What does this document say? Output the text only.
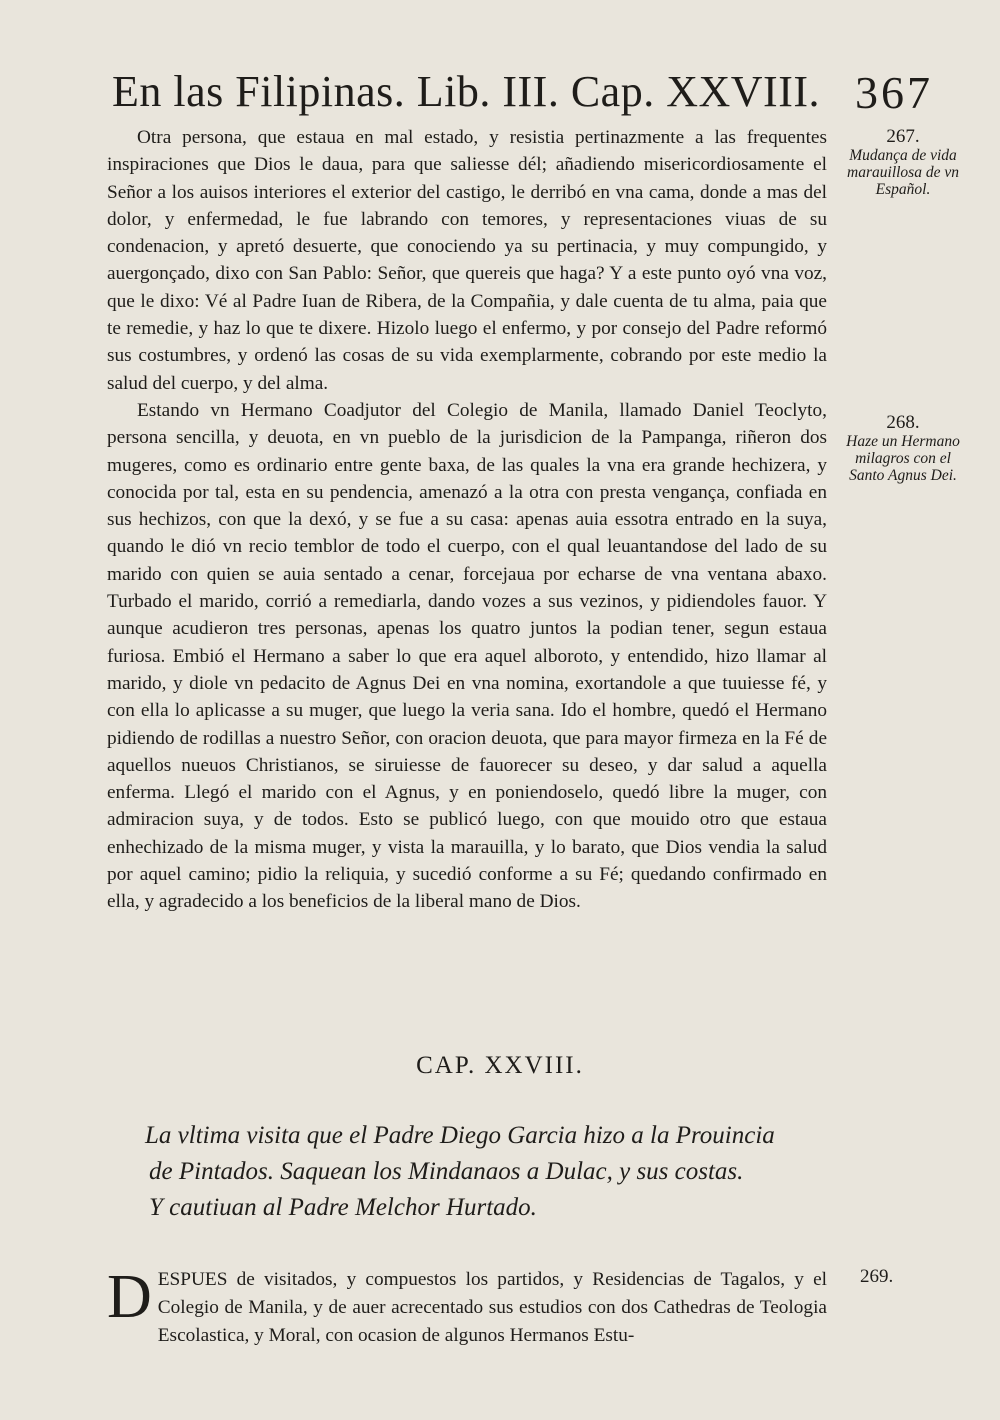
En las Filipinas. Lib. III. Cap. XXVIII. 367

Otra persona, que estaua en mal estado, y resistia pertinazmente a las frequentes inspiraciones que Dios le daua, para que saliesse dél; añadiendo misericordiosamente el Señor a los auisos interiores el exterior del castigo, le derribó en vna cama, donde a mas del dolor, y enfermedad, le fue labrando con temores, y representaciones viuas de su condenacion, y apretó desuerte, que conociendo ya su pertinacia, y muy compungido, y auergonçado, dixo con San Pablo: Señor, que quereis que haga? Y a este punto oyó vna voz, que le dixo: Vé al Padre Iuan de Ribera, de la Compañia, y dale cuenta de tu alma, paia que te remedie, y haz lo que te dixere. Hizolo luego el enfermo, y por consejo del Padre reformó sus costumbres, y ordenó las cosas de su vida exemplarmente, cobrando por este medio la salud del cuerpo, y del alma.

Estando vn Hermano Coadjutor del Colegio de Manila, llamado Daniel Teoclyto, persona sencilla, y deuota, en vn pueblo de la jurisdicion de la Pampanga, riñeron dos mugeres, como es ordinario entre gente baxa, de las quales la vna era grande hechizera, y conocida por tal, esta en su pendencia, amenazó a la otra con presta vengança, confiada en sus hechizos, con que la dexó, y se fue a su casa: apenas auia essotra entrado en la suya, quando le dió vn recio temblor de todo el cuerpo, con el qual leuantandose del lado de su marido con quien se auia sentado a cenar, forcejaua por echarse de vna ventana abaxo. Turbado el marido, corrió a remediarla, dando vozes a sus vezinos, y pidiendoles fauor. Y aunque acudieron tres personas, apenas los quatro juntos la podian tener, segun estaua furiosa. Embió el Hermano a saber lo que era aquel alboroto, y entendido, hizo llamar al marido, y diole vn pedacito de Agnus Dei en vna nomina, exortandole a que tuuiesse fé, y con ella lo aplicasse a su muger, que luego la veria sana. Ido el hombre, quedó el Hermano pidiendo de rodillas a nuestro Señor, con oracion deuota, que para mayor firmeza en la Fé de aquellos nueuos Christianos, se siruiesse de fauorecer su deseo, y dar salud a aquella enferma. Llegó el marido con el Agnus, y en poniendoselo, quedó libre la muger, con admiracion suya, y de todos. Esto se publicó luego, con que mouido otro que estaua enhechizado de la misma muger, y vista la marauilla, y lo barato, que Dios vendia la salud por aquel camino; pidio la reliquia, y sucedió conforme a su Fé; quedando confirmado en ella, y agradecido a los beneficios de la liberal mano de Dios.

267.
Mudança de vida marauillosa de vn Español.
268.
Haze un Hermano milagros con el Santo Agnus Dei.
CAP. XXVIII.
La vltima visita que el Padre Diego Garcia hizo a la Prouincia
de Pintados. Saquean los Mindanaos a Dulac, y sus costas.
Y cautiuan al Padre Melchor Hurtado.
DESPUES de visitados, y compuestos los partidos, y Residencias de Tagalos, y el Colegio de Manila, y de auer acrecentado sus estudios con dos Cathedras de Teologia Escolastica, y Moral, con ocasion de algunos Hermanos Estu-
269.
